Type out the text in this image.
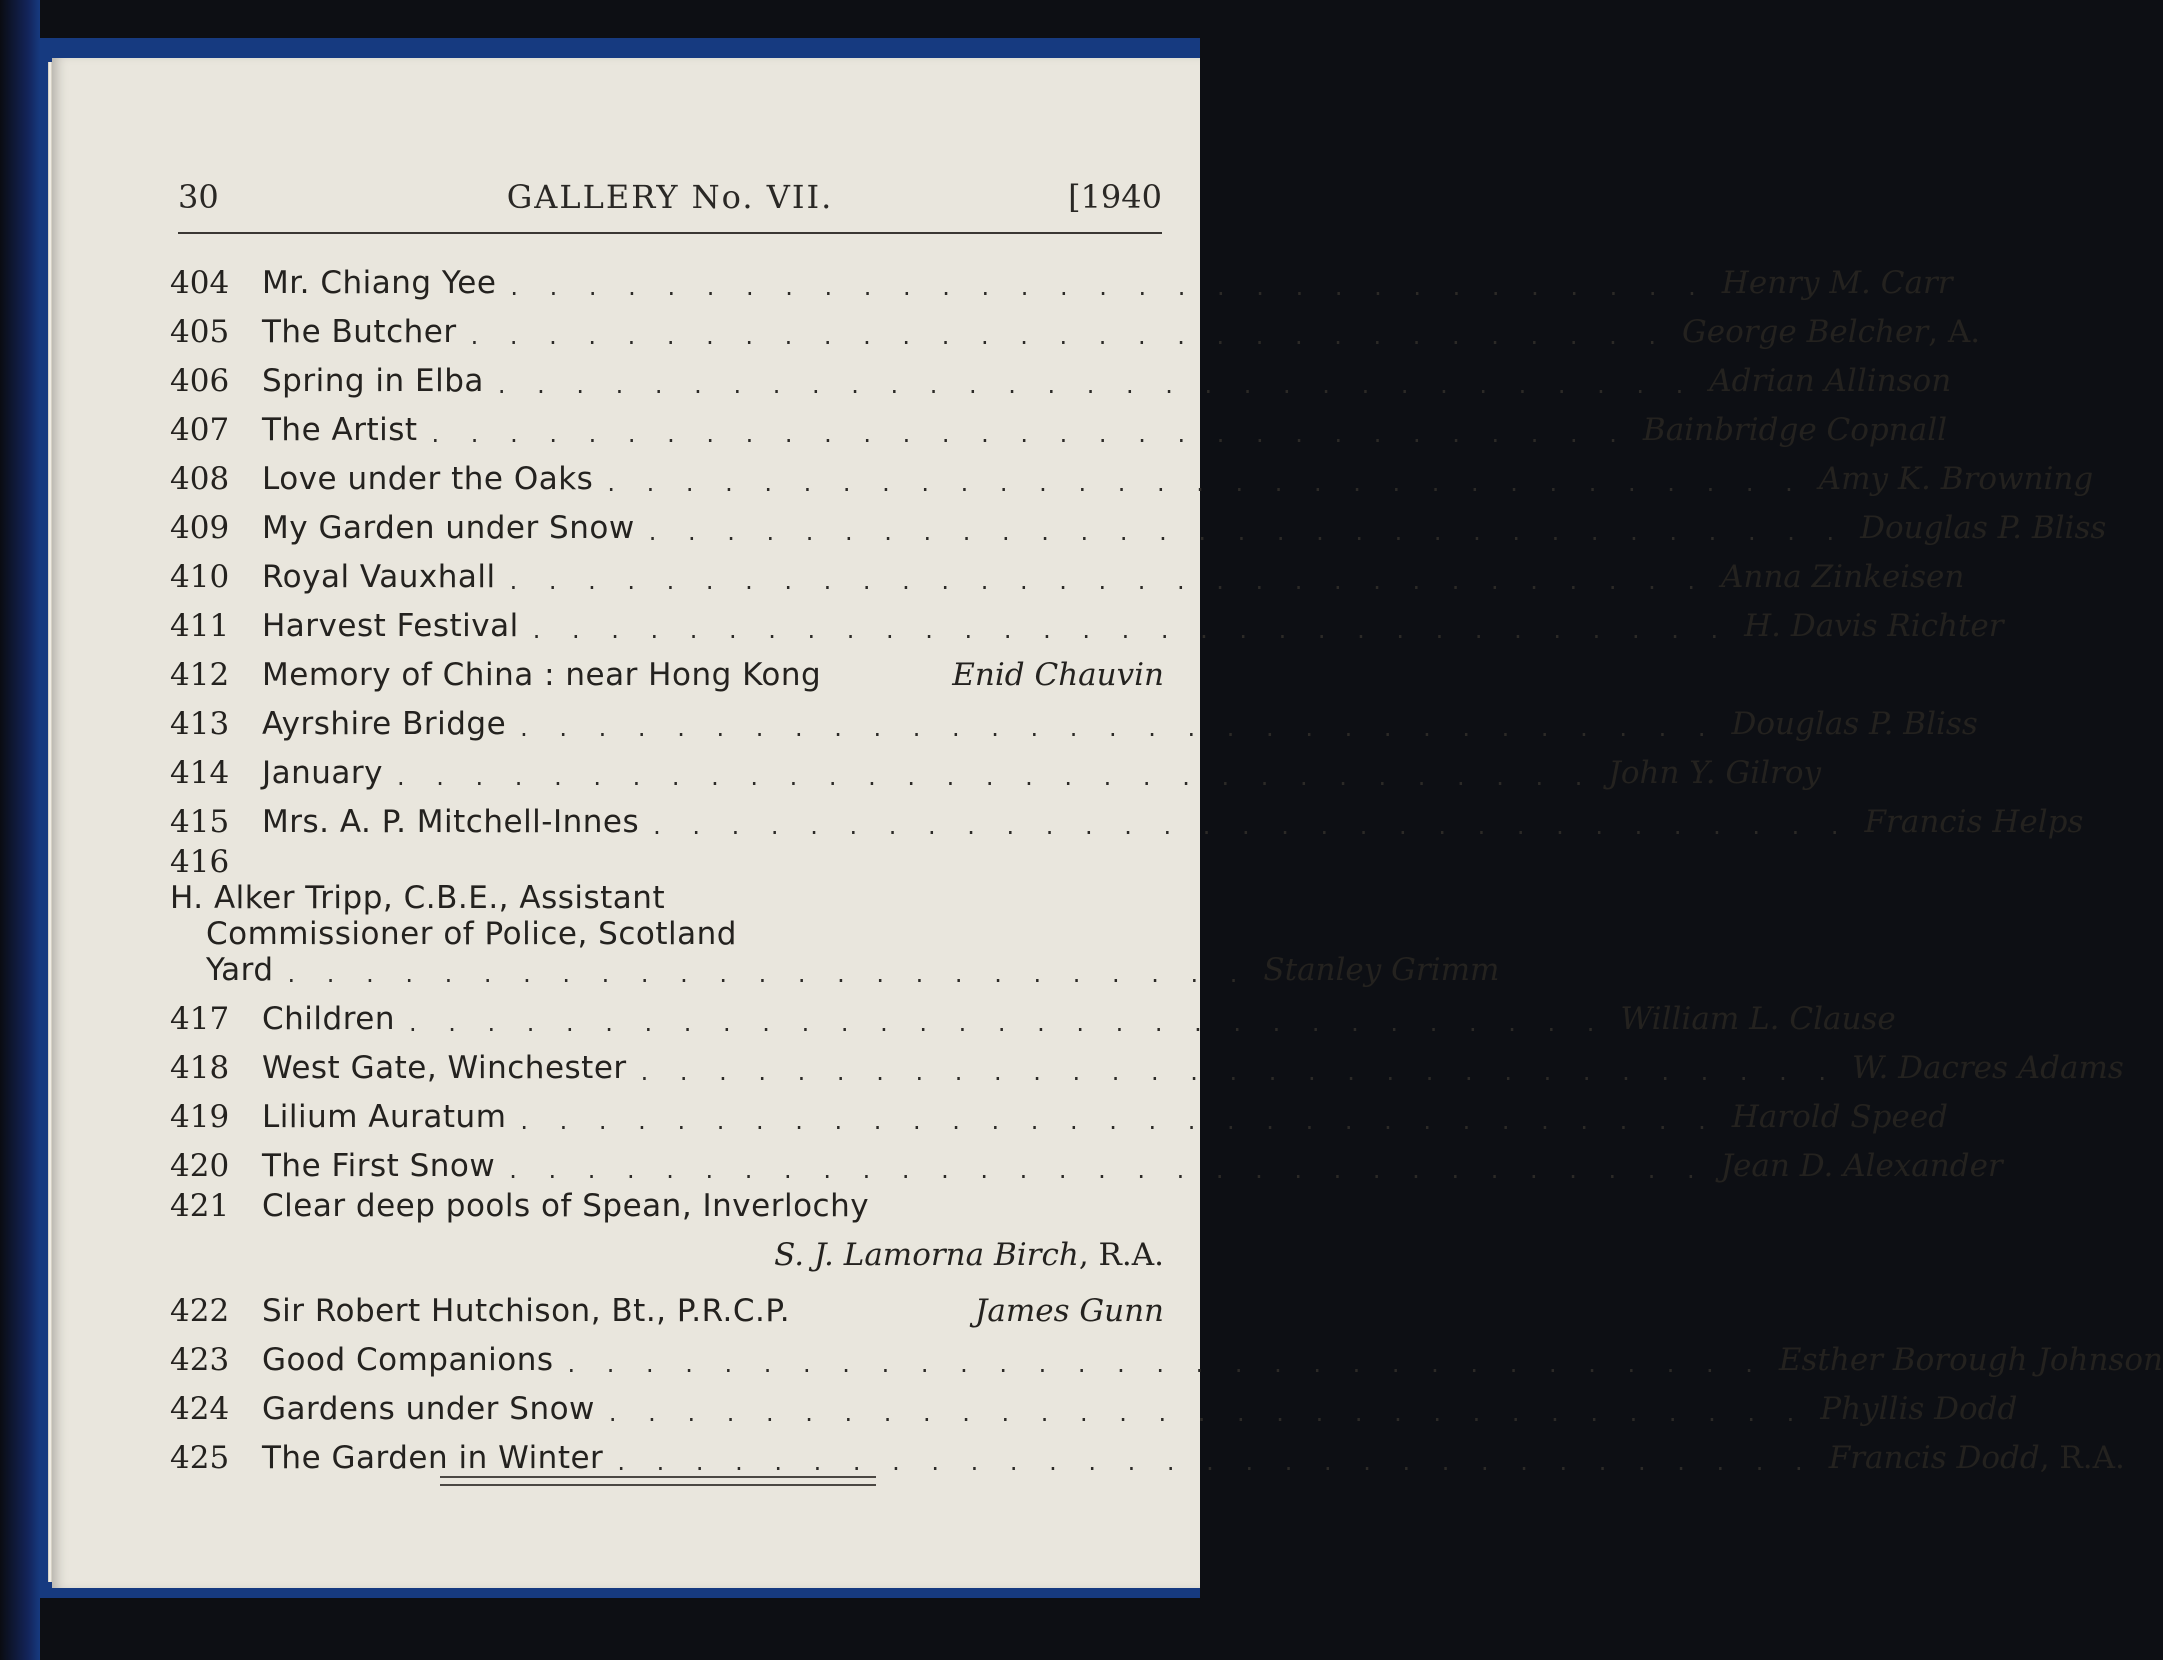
30	GALLERY No. VII.	[1940
404	Mr. Chiang Yee . . . . . . . . . . . . . . . . . . . . . . . . . . . . . . . Henry M. Carr
405	The Butcher . . . . . . . . . . . . . . . . . . . . . . . . . . . . . . . George Belcher, A.
406	Spring in Elba . . . . . . . . . . . . . . . . . . . . . . . . . . . . . . . Adrian Allinson
407	The Artist . . . . . . . . . . . . . . . . . . . . . . . . . . . . . . . Bainbridge Copnall
408	Love under the Oaks . . . . . . . . . . . . . . . . . . . . . . . . . . . . . . . Amy K. Browning
409	My Garden under Snow . . . . . . . . . . . . . . . . . . . . . . . . . . . . . . . Douglas P. Bliss
410	Royal Vauxhall . . . . . . . . . . . . . . . . . . . . . . . . . . . . . . . Anna Zinkeisen
411	Harvest Festival . . . . . . . . . . . . . . . . . . . . . . . . . . . . . . . H. Davis Richter
412	Memory of China : near Hong Kong	Enid Chauvin
413	Ayrshire Bridge . . . . . . . . . . . . . . . . . . . . . . . . . . . . . . . Douglas P. Bliss
414	January . . . . . . . . . . . . . . . . . . . . . . . . . . . . . . . John Y. Gilroy
415	Mrs. A. P. Mitchell-Innes . . . . . . . . . . . . . . . . . . . . . . . . . . . . . . . Francis Helps
416
H. Alker Tripp, C.B.E., Assistant
Commissioner of Police, Scotland
Yard . . . . . . . . . . . . . . . . . . . . . . . . . Stanley Grimm
417	Children . . . . . . . . . . . . . . . . . . . . . . . . . . . . . . . William L. Clause
418	West Gate, Winchester . . . . . . . . . . . . . . . . . . . . . . . . . . . . . . . W. Dacres Adams
419	Lilium Auratum . . . . . . . . . . . . . . . . . . . . . . . . . . . . . . . Harold Speed
420	The First Snow . . . . . . . . . . . . . . . . . . . . . . . . . . . . . . . Jean D. Alexander
421	Clear deep pools of Spean, Inverlochy
S. J. Lamorna Birch, R.A.
422	Sir Robert Hutchison, Bt., P.R.C.P.	James Gunn
423	Good Companions . . . . . . . . . . . . . . . . . . . . . . . . . . . . . . . Esther Borough Johnson
424	Gardens under Snow . . . . . . . . . . . . . . . . . . . . . . . . . . . . . . . Phyllis Dodd
425	The Garden in Winter . . . . . . . . . . . . . . . . . . . . . . . . . . . . . . . Francis Dodd, R.A.
